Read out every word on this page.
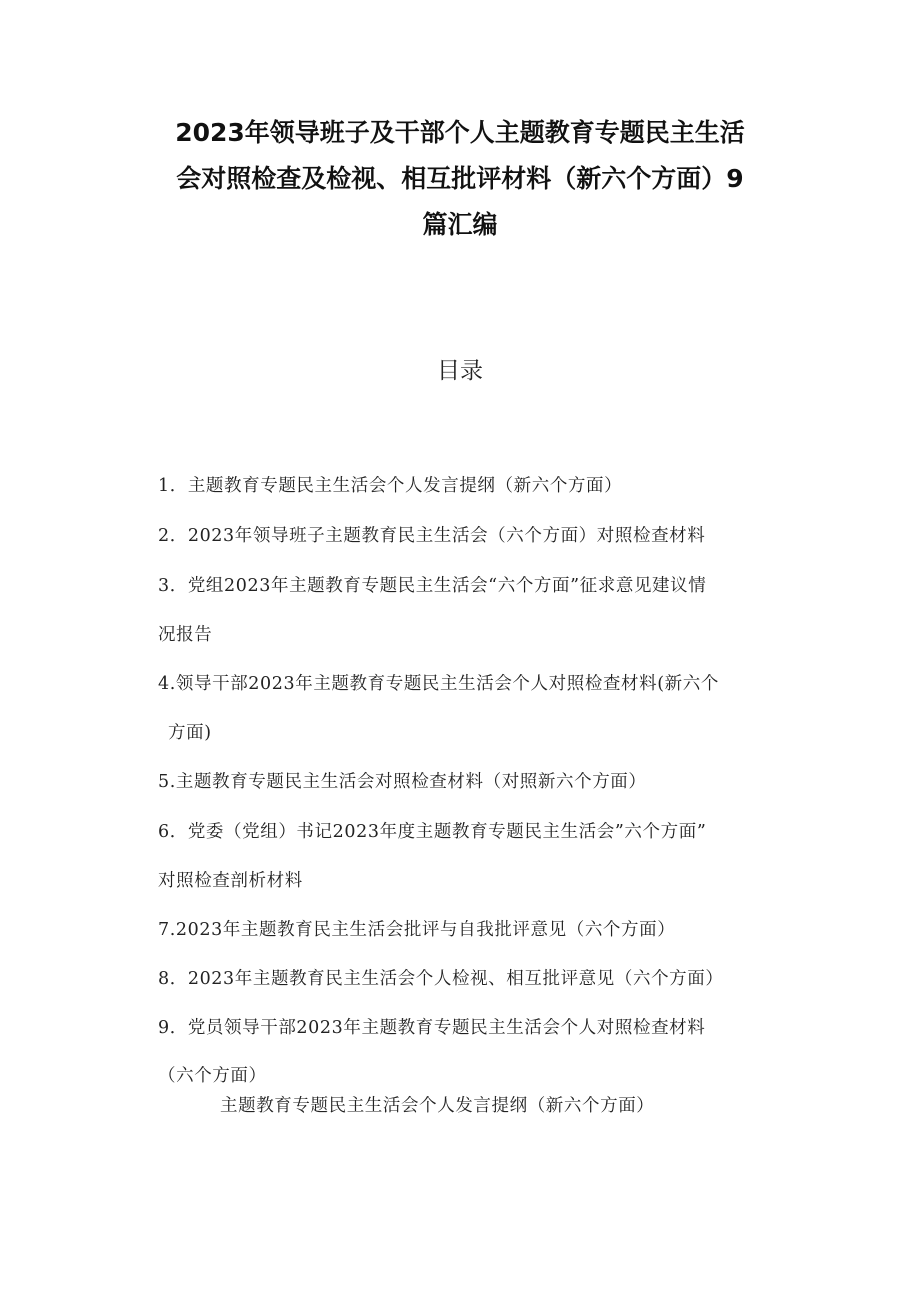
2023年领导班子及干部个人主题教育专题民主生活
会对照检查及检视、相互批评材料（新六个方面）9
篇汇编
目录
1．主题教育专题民主生活会个人发言提纲（新六个方面）
2．2023年领导班子主题教育民主生活会（六个方面）对照检查材料
3．党组2023年主题教育专题民主生活会“六个方面”征求意见建议情
况报告
4.领导干部2023年主题教育专题民主生活会个人对照检查材料(新六个
方面)
5.主题教育专题民主生活会对照检查材料（对照新六个方面）
6．党委（党组）书记2023年度主题教育专题民主生活会”六个方面”
对照检查剖析材料
7.2023年主题教育民主生活会批评与自我批评意见（六个方面）
8．2023年主题教育民主生活会个人检视、相互批评意见（六个方面）
9．党员领导干部2023年主题教育专题民主生活会个人对照检查材料
（六个方面）
主题教育专题民主生活会个人发言提纲（新六个方面）
